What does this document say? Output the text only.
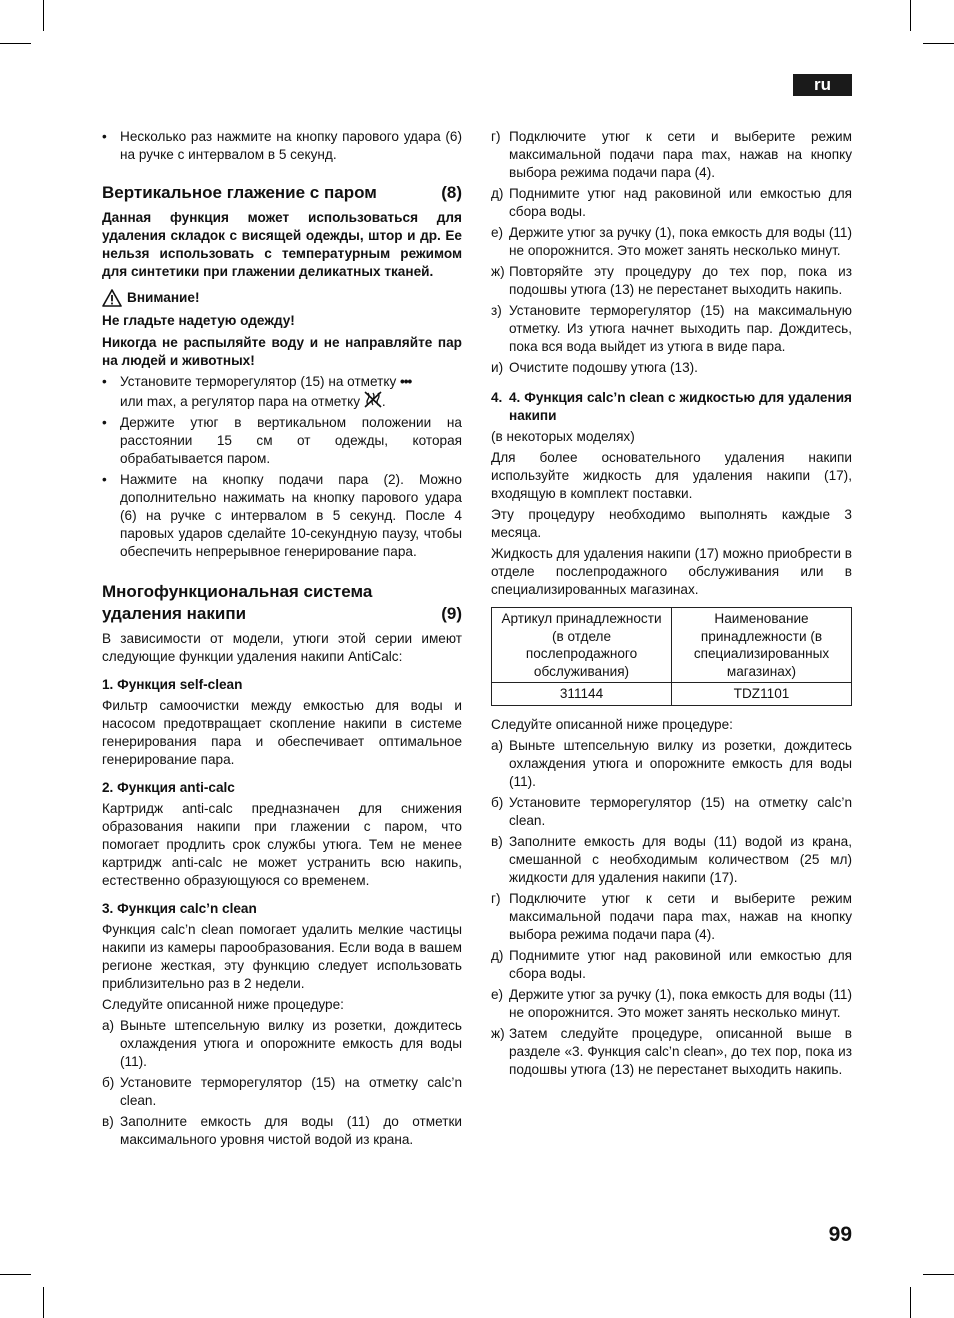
ru
• Несколько раз нажмите на кнопку парового удара (6) на ручке с интервалом в 5 секунд.
Вертикальное глажение с паром	(8)

Данная функция может использоваться для удаления складок с висящей одежды, штор и др. Ее нельзя использовать с температурным режимом для синтетики при глажении деликатных тканей.

Внимание!

Не гладьте надетую одежду!

Никогда не распыляйте воду и не направляйте пар на людей и животных!

• Установите терморегулятор (15) на отметку •••
или max, а регулятор пара на отметку .
• Держите утюг в вертикальном положении на расстоянии 15 см от одежды, которая обрабатывается паром.
• Нажмите на кнопку подачи пара (2). Можно дополнительно нажимать на кнопку парового удара (6) на ручке с интервалом в 5 секунд. После 4 паровых ударов сделайте 10-секундную паузу, чтобы обеспечить непрерывное генерирование пара.
Многофункциональная система удаления накипи	(9)

В зависимости от модели, утюги этой серии имеют следующие функции удаления накипи AntiCalc:

1. Функция self-clean

Фильтр самоочистки между емкостью для воды и насосом предотвращает скопление накипи в системе генерирования пара и обеспечивает оптимальное генерирование пара.

2. Функция anti-calc

Картридж anti-calc предназначен для снижения образования накипи при глажении с паром, что помогает продлить срок службы утюга. Тем не менее картридж anti-calc не может устранить всю накипь, естественно образующуюся со временем.

3. Функция calc’n clean

Функция calc’n clean помогает удалить мелкие частицы накипи из камеры парообразования. Если вода в вашем регионе жесткая, эту функцию следует использовать приблизительно раз в 2 недели.

Следуйте описанной ниже процедуре:

а) Выньте штепсельную вилку из розетки, дождитесь охлаждения утюга и опорожните емкость для воды (11).
б) Установите терморегулятор (15) на отметку calc’n clean.
в) Заполните емкость для воды (11) до отметки максимального уровня чистой водой из крана.
г) Подключите утюг к сети и выберите режим максимальной подачи пара max, нажав на кнопку выбора режима подачи пара (4).
д) Поднимите утюг над раковиной или емкостью для сбора воды.
е) Держите утюг за ручку (1), пока емкость для воды (11) не опорожнится. Это может занять несколько минут.
ж) Повторяйте эту процедуру до тех пор, пока из подошвы утюга (13) не перестанет выходить накипь.
з) Установите терморегулятор (15) на максимальную отметку. Из утюга начнет выходить пар. Дождитесь, пока вся вода выйдет из утюга в виде пара.
и) Очистите подошву утюга (13).
4. 4. Функция calc’n clean с жидкостью для удаления накипи

(в некоторых моделях)

Для более основательного удаления накипи используйте жидкость для удаления накипи (17), входящую в комплект поставки.

Эту процедуру необходимо выполнять каждые 3 месяца.

Жидкость для удаления накипи (17) можно приобрести в отделе послепродажного обслуживания или в специализированных магазинах.

Артикул принадлежности (в отделе послепродажного обслуживания)	Наименование принадлежности (в специализированных магазинах)
311144	TDZ1101

Следуйте описанной ниже процедуре:

а) Выньте штепсельную вилку из розетки, дождитесь охлаждения утюга и опорожните емкость для воды (11).
б) Установите терморегулятор (15) на отметку calc’n clean.
в) Заполните емкость для воды (11) водой из крана, смешанной с необходимым количеством (25 мл) жидкости для удаления накипи (17).
г) Подключите утюг к сети и выберите режим максимальной подачи пара max, нажав на кнопку выбора режима подачи пара (4).
д) Поднимите утюг над раковиной или емкостью для сбора воды.
е) Держите утюг за ручку (1), пока емкость для воды (11) не опорожнится. Это может занять несколько минут.
ж) Затем следуйте процедуре, описанной выше в разделе «3. Функция calc’n clean», до тех пор, пока из подошвы утюга (13) не перестанет выходить накипь.
99
